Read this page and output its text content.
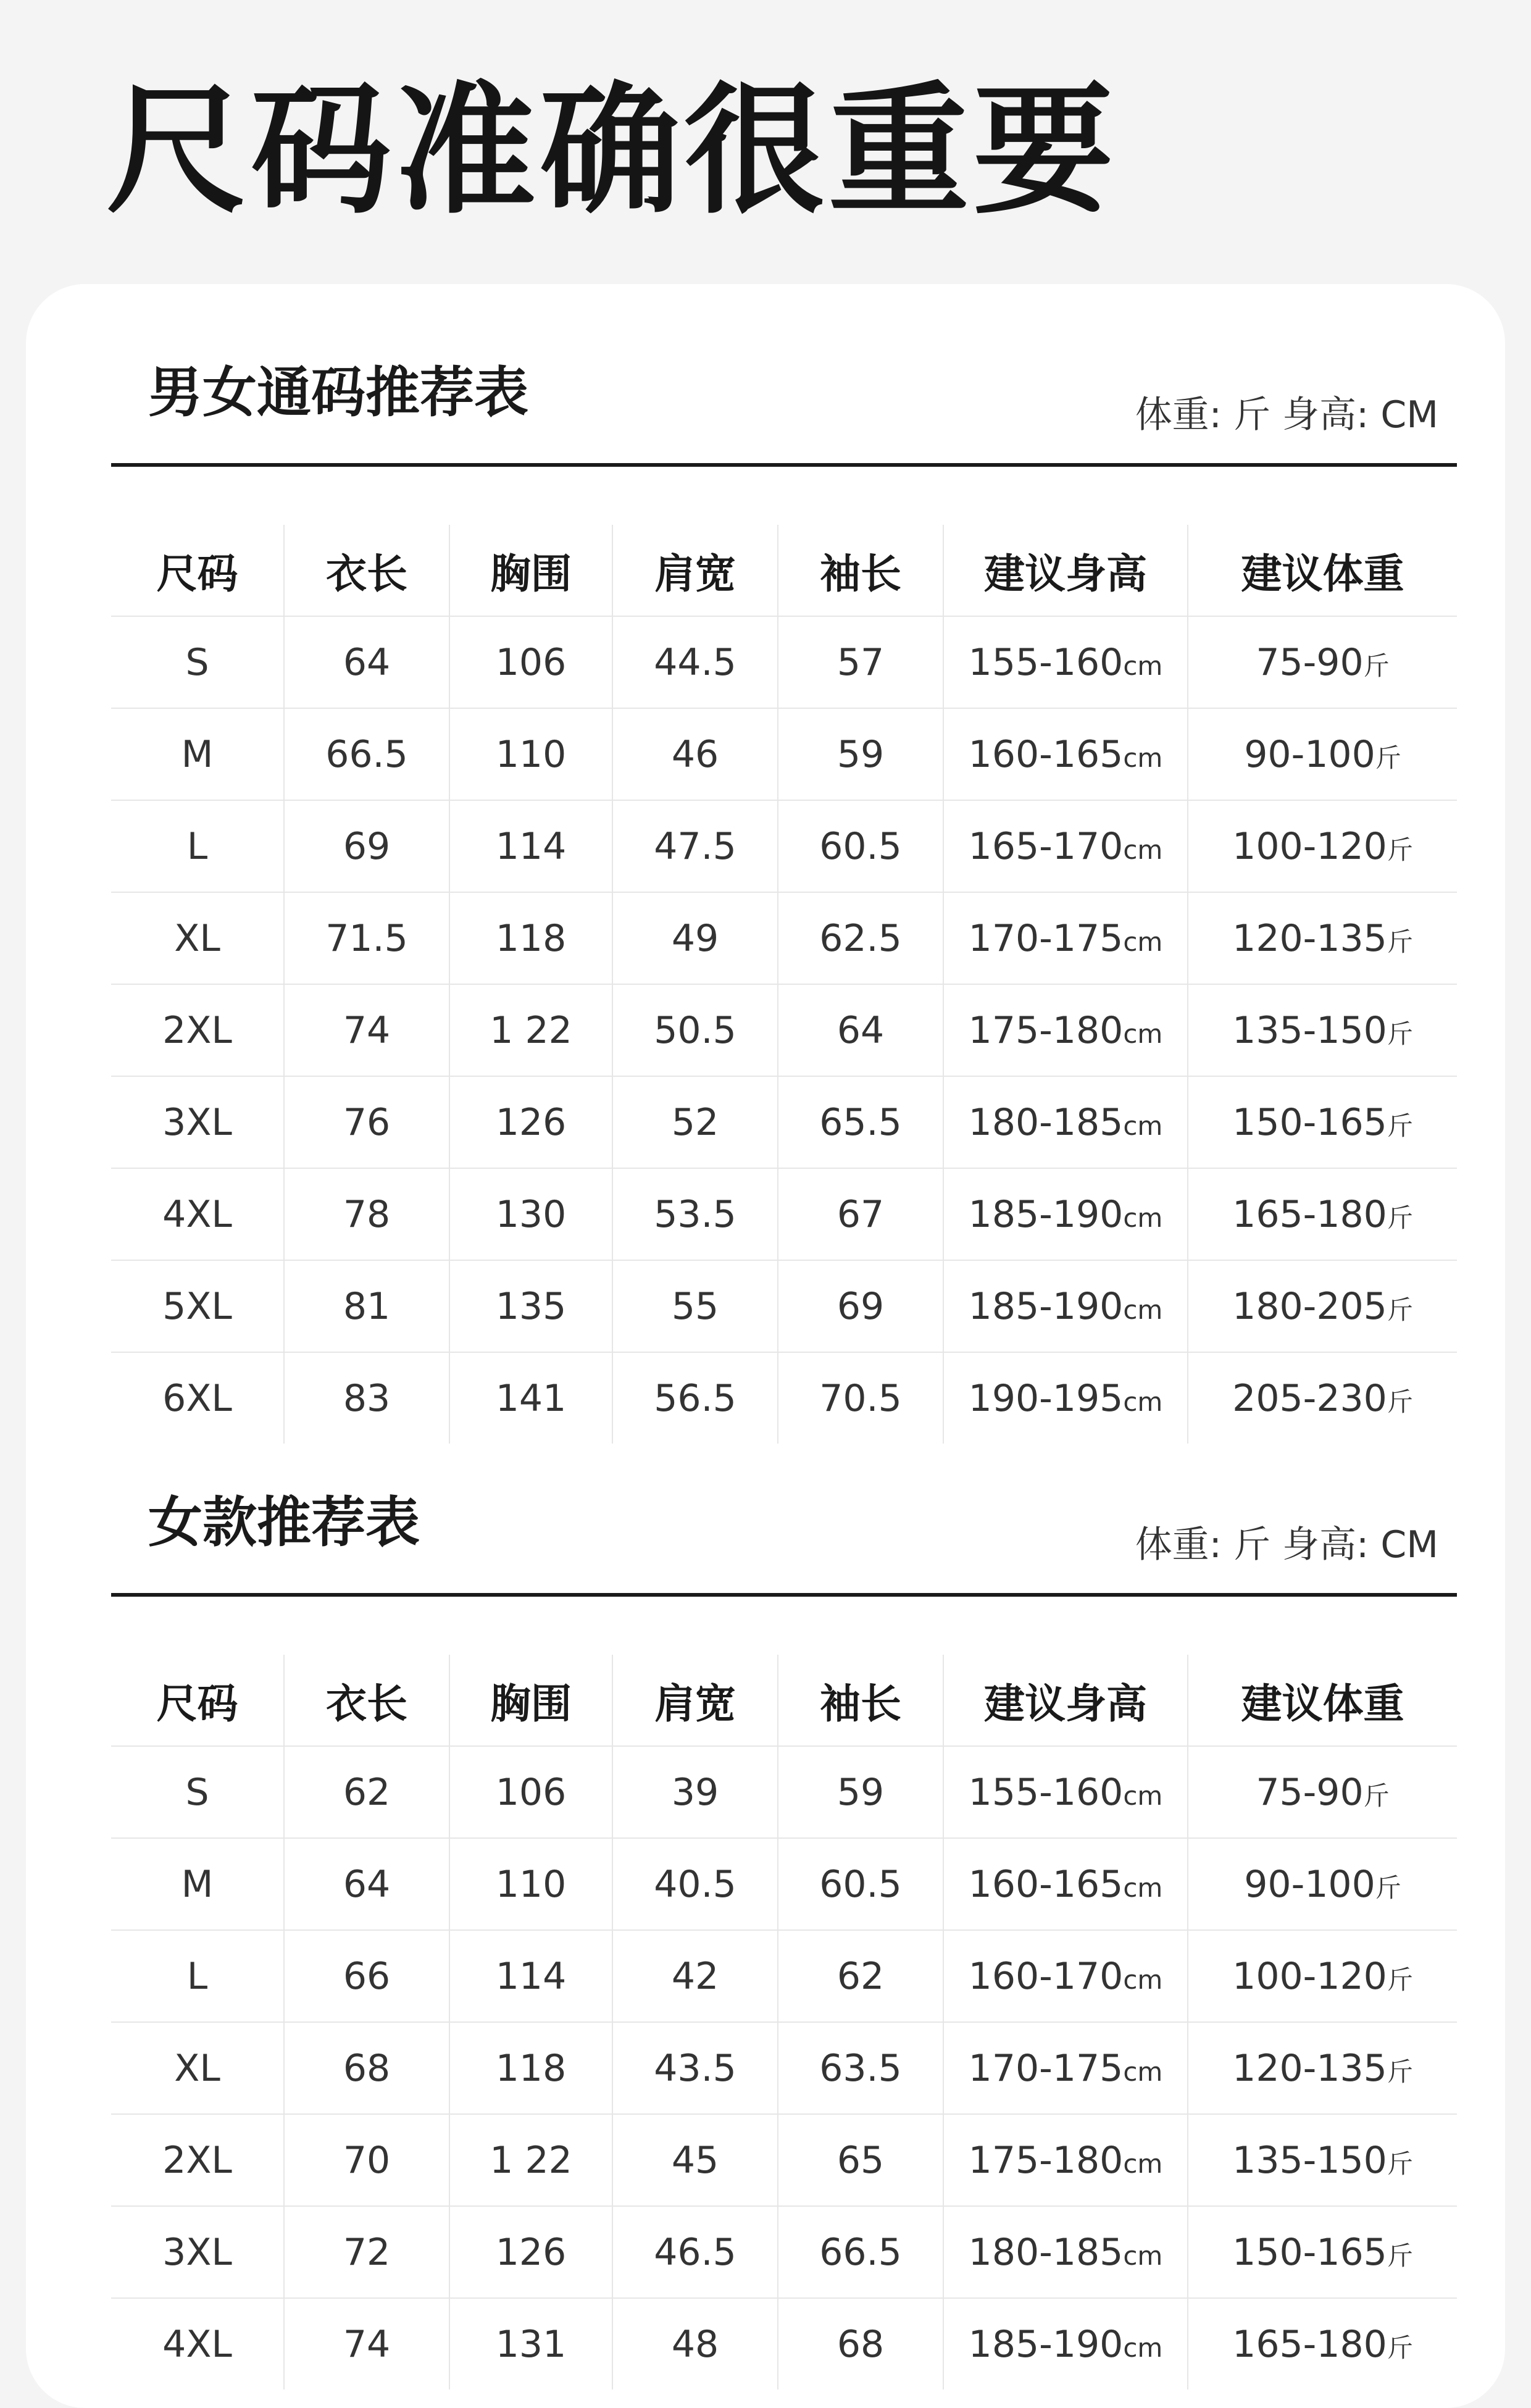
尺码准确很重要
男女通码推荐表	体重: 斤 身高: CM
尺码	衣长	胸围	肩宽	袖长	建议身高	建议体重
S	64	106	44.5	57	155-160cm	75-90斤
M	66.5	110	46	59	160-165cm	90-100斤
L	69	114	47.5	60.5	165-170cm	100-120斤
XL	71.5	118	49	62.5	170-175cm	120-135斤
2XL	74	1 22	50.5	64	175-180cm	135-150斤
3XL	76	126	52	65.5	180-185cm	150-165斤
4XL	78	130	53.5	67	185-190cm	165-180斤
5XL	81	135	55	69	185-190cm	180-205斤
6XL	83	141	56.5	70.5	190-195cm	205-230斤
女款推荐表	体重: 斤 身高: CM
尺码	衣长	胸围	肩宽	袖长	建议身高	建议体重
S	62	106	39	59	155-160cm	75-90斤
M	64	110	40.5	60.5	160-165cm	90-100斤
L	66	114	42	62	160-170cm	100-120斤
XL	68	118	43.5	63.5	170-175cm	120-135斤
2XL	70	1 22	45	65	175-180cm	135-150斤
3XL	72	126	46.5	66.5	180-185cm	150-165斤
4XL	74	131	48	68	185-190cm	165-180斤
